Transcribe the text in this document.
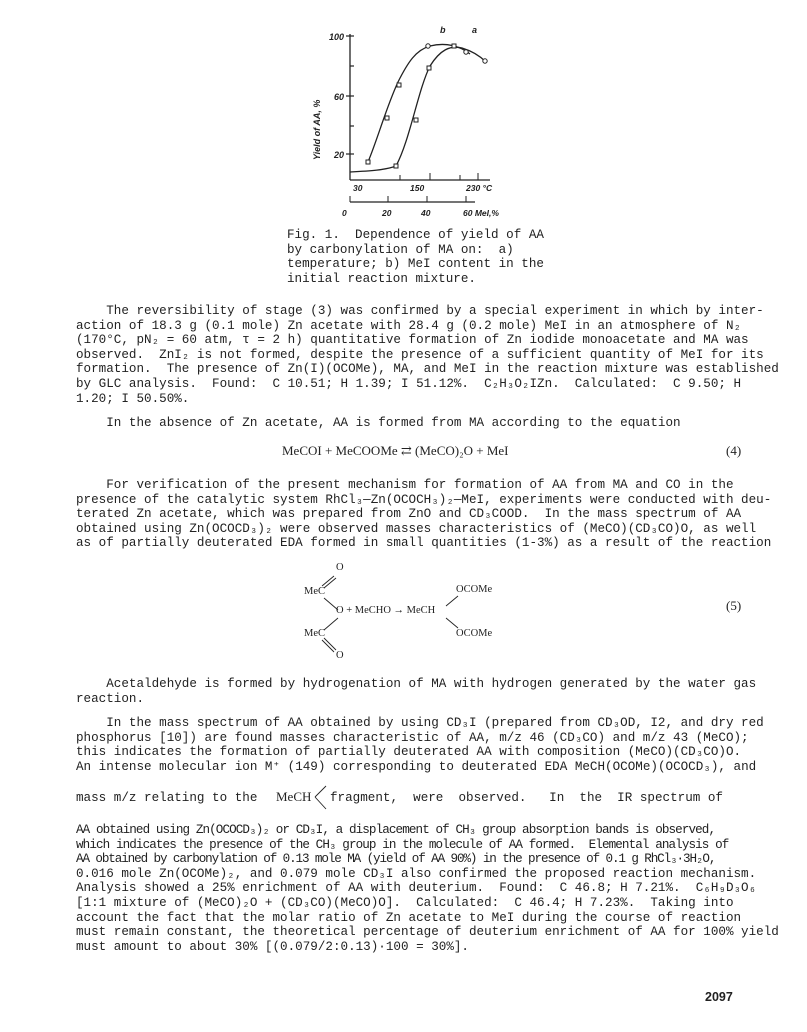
100
60
20
Yield of AA, %
30	150	230 °C
0	20	40	60 MeI,%
b	a

Fig. 1.  Dependence of yield of AA

by carbonylation of MA on:  a)

temperature; b) MeI content in the

initial reaction mixture.

The reversibility of stage (3) was confirmed by a special experiment in which by inter-

action of 18.3 g (0.1 mole) Zn acetate with 28.4 g (0.2 mole) MeI in an atmosphere of N₂

(170°C, pN₂ = 60 atm, τ = 2 h) quantitative formation of Zn iodide monoacetate and MA was

observed.  ZnI₂ is not formed, despite the presence of a sufficient quantity of MeI for its

formation.  The presence of Zn(I)(OCOMe), MA, and MeI in the reaction mixture was established

by GLC analysis.  Found:  C 10.51; H 1.39; I 51.12%.  C₂H₃O₂IZn.  Calculated:  C 9.50; H

1.20; I 50.50%.

In the absence of Zn acetate, AA is formed from MA according to the equation

MeCOI + MeCOOMe ⇄ (MeCO)₂O + MeI	(4)

For verification of the present mechanism for formation of AA from MA and CO in the

presence of the catalytic system RhCl₃—Zn(OCOCH₃)₂—MeI, experiments were conducted with deu-

terated Zn acetate, which was prepared from ZnO and CD₃COOD.  In the mass spectrum of AA

obtained using Zn(OCOCD₃)₂ were observed masses characteristics of (MeCO)(CD₃CO)O, as well

as of partially deuterated EDA formed in small quantities (1-3%) as a result of the reaction

O
MeC
O + MeCHO → MeCH
OCOMe
MeC	OCOMe
O
(5)

Acetaldehyde is formed by hydrogenation of MA with hydrogen generated by the water gas

reaction.

In the mass spectrum of AA obtained by using CD₃I (prepared from CD₃OD, I2, and dry red

phosphorus [10]) are found masses characteristic of AA, m/z 46 (CD₃CO) and m/z 43 (MeCO);

this indicates the formation of partially deuterated AA with composition (MeCO)(CD₃CO)O.

An intense molecular ion M⁺ (149) corresponding to deuterated EDA MeCH(OCOMe)(OCOCD₃), and

mass m/z relating to the MeCH fragment,  were  observed.   In  the  IR spectrum of

AA obtained using Zn(OCOCD₃)₂ or CD₃I, a displacement of CH₃ group absorption bands is observed,

which indicates the presence of the CH₃ group in the molecule of AA formed.  Elemental analysis of

AA obtained by carbonylation of 0.13 mole MA (yield of AA 90%) in the presence of 0.1 g RhCl₃·3H₂O,

0.016 mole Zn(OCOMe)₂, and 0.079 mole CD₃I also confirmed the proposed reaction mechanism.

Analysis showed a 25% enrichment of AA with deuterium.  Found:  C 46.8; H 7.21%.  C₆H₉D₃O₆

[1:1 mixture of (MeCO)₂O + (CD₃CO)(MeCO)O].  Calculated:  C 46.4; H 7.23%.  Taking into

account the fact that the molar ratio of Zn acetate to MeI during the course of reaction

must remain constant, the theoretical percentage of deuterium enrichment of AA for 100% yield

must amount to about 30% [(0.079/2:0.13)·100 = 30%].

2097
